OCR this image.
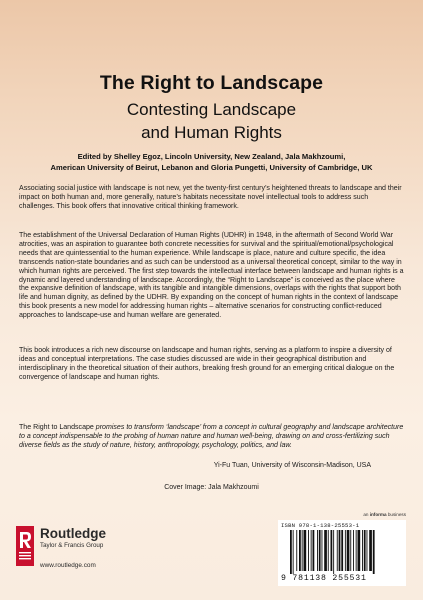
The Right to Landscape
Contesting Landscape
and Human Rights
Edited by Shelley Egoz, Lincoln University, New Zealand, Jala Makhzoumi,
American University of Beirut, Lebanon and Gloria Pungetti, University of Cambridge, UK
Associating social justice with landscape is not new, yet the twenty-first century’s heightened threats to landscape and their impact on both human and, more generally, nature’s habitats necessitate novel intellectual tools to address such challenges. This book offers that innovative critical thinking framework.
The establishment of the Universal Declaration of Human Rights (UDHR) in 1948, in the aftermath of Second World War atrocities, was an aspiration to guarantee both concrete necessities for survival and the spiritual/emotional/psychological needs that are quintessential to the human experience. While landscape is place, nature and culture specific, the idea transcends nation-state boundaries and as such can be understood as a universal theoretical concept, similar to the way in which human rights are perceived. The first step towards the intellectual interface between landscape and human rights is a dynamic and layered understanding of landscape. Accordingly, the “Right to Landscape” is conceived as the place where the expansive definition of landscape, with its tangible and intangible dimensions, overlaps with the rights that support both life and human dignity, as defined by the UDHR. By expanding on the concept of human rights in the context of landscape this book presents a new model for addressing human rights – alternative scenarios for constructing conflict-reduced approaches to landscape-use and human welfare are generated.
This book introduces a rich new discourse on landscape and human rights, serving as a platform to inspire a diversity of ideas and conceptual interpretations. The case studies discussed are wide in their geographical distribution and interdisciplinary in the theoretical situation of their authors, breaking fresh ground for an emerging critical dialogue on the convergence of landscape and human rights.
The Right to Landscape promises to transform ‘landscape’ from a concept in cultural geography and landscape architecture to a concept indispensable to the probing of human nature and human well-being, drawing on and cross-fertilizing such diverse fields as the study of nature, history, anthropology, psychology, politics, and law.
Yi-Fu Tuan, University of Wisconsin-Madison, USA
Cover Image: Jala Makhzoumi
Routledge
Taylor & Francis Group
www.routledge.com
an informa business
ISBN 978-1-138-25553-1
9 781138 255531
